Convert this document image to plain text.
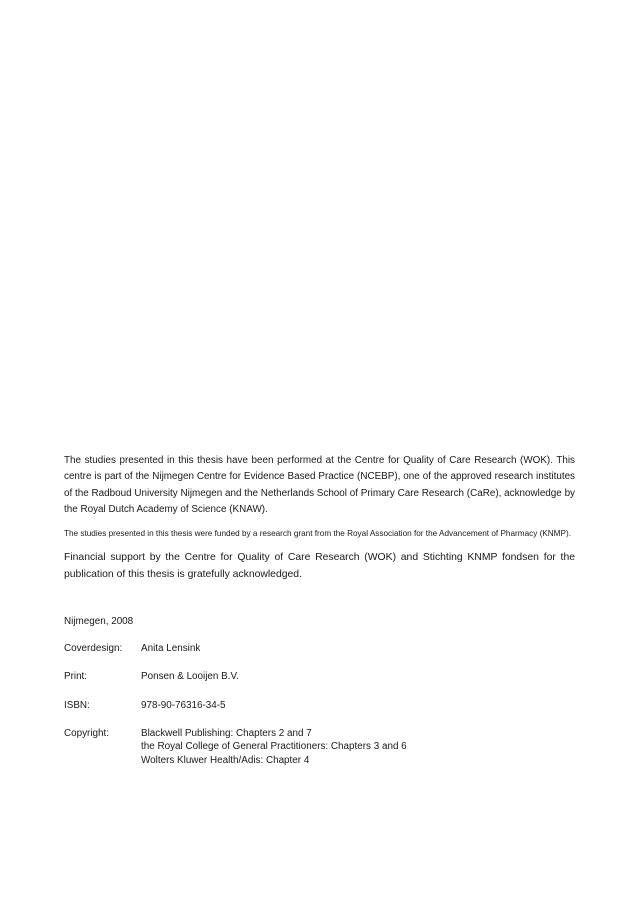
The studies presented in this thesis have been performed at the Centre for Quality of Care Research (WOK). This centre is part of the Nijmegen Centre for Evidence Based Practice (NCEBP), one of the approved research institutes of the Radboud University Nijmegen and the Netherlands School of Primary Care Research (CaRe), acknowledge by the Royal Dutch Academy of Science (KNAW).

The studies presented in this thesis were funded by a research grant from the Royal Association for the Advancement of Pharmacy (KNMP).

Financial support by the Centre for Quality of Care Research (WOK) and Stichting KNMP fondsen for the publication of this thesis is gratefully acknowledged.

Nijmegen, 2008
Coverdesign:	Anita Lensink
Print:	Ponsen & Looijen B.V.
ISBN:	978-90-76316-34-5
Copyright:	Blackwell Publishing: Chapters 2 and 7
the Royal College of General Practitioners: Chapters 3 and 6
Wolters Kluwer Health/Adis: Chapter 4
